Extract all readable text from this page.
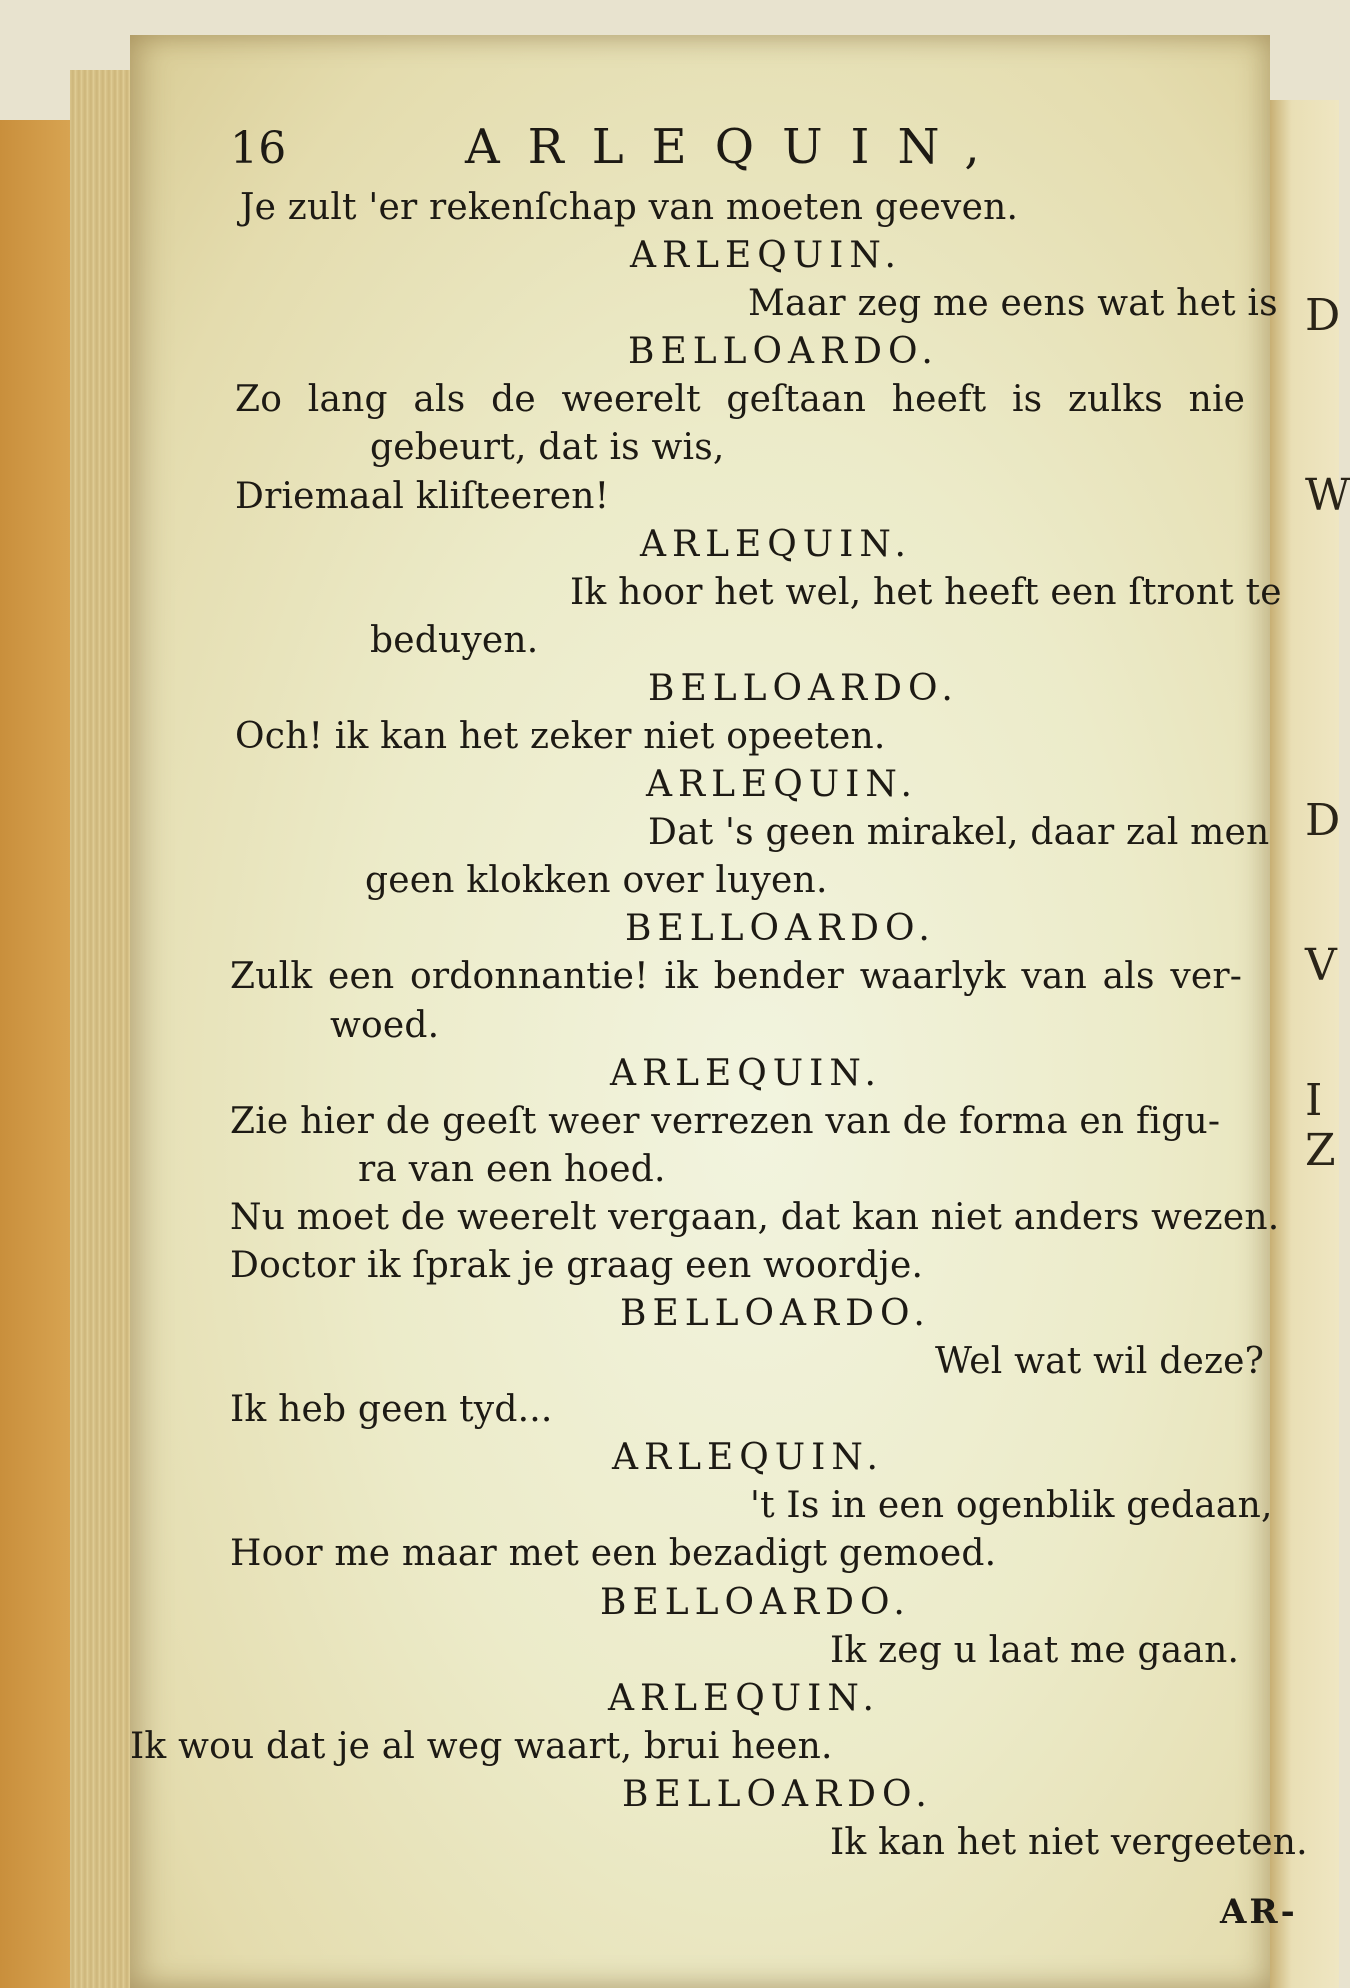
D
W
D
V
I
Z
16	ARLEQUIN,
Je zult 'er rekenſchap van moeten geeven.
ARLEQUIN.
Maar zeg me eens wat het is
BELLOARDO.
Zo lang als de weerelt geſtaan heeft is zulks nie
gebeurt, dat is wis,
Driemaal kliſteeren!
ARLEQUIN.
Ik hoor het wel, het heeft een ſtront te
beduyen.
BELLOARDO.
Och! ik kan het zeker niet opeeten.
ARLEQUIN.
Dat 's geen mirakel, daar zal men
geen klokken over luyen.
BELLOARDO.
Zulk een ordonnantie! ik bender waarlyk van als ver-
woed.
ARLEQUIN.
Zie hier de geeſt weer verrezen van de forma en figu-
ra van een hoed.
Nu moet de weerelt vergaan, dat kan niet anders wezen.
Doctor ik ſprak je graag een woordje.
BELLOARDO.
Wel wat wil deze?
Ik heb geen tyd...
ARLEQUIN.
't Is in een ogenblik gedaan,
Hoor me maar met een bezadigt gemoed.
BELLOARDO.
Ik zeg u laat me gaan.
ARLEQUIN.
Ik wou dat je al weg waart, brui heen.
BELLOARDO.
Ik kan het niet vergeeten.
AR-
